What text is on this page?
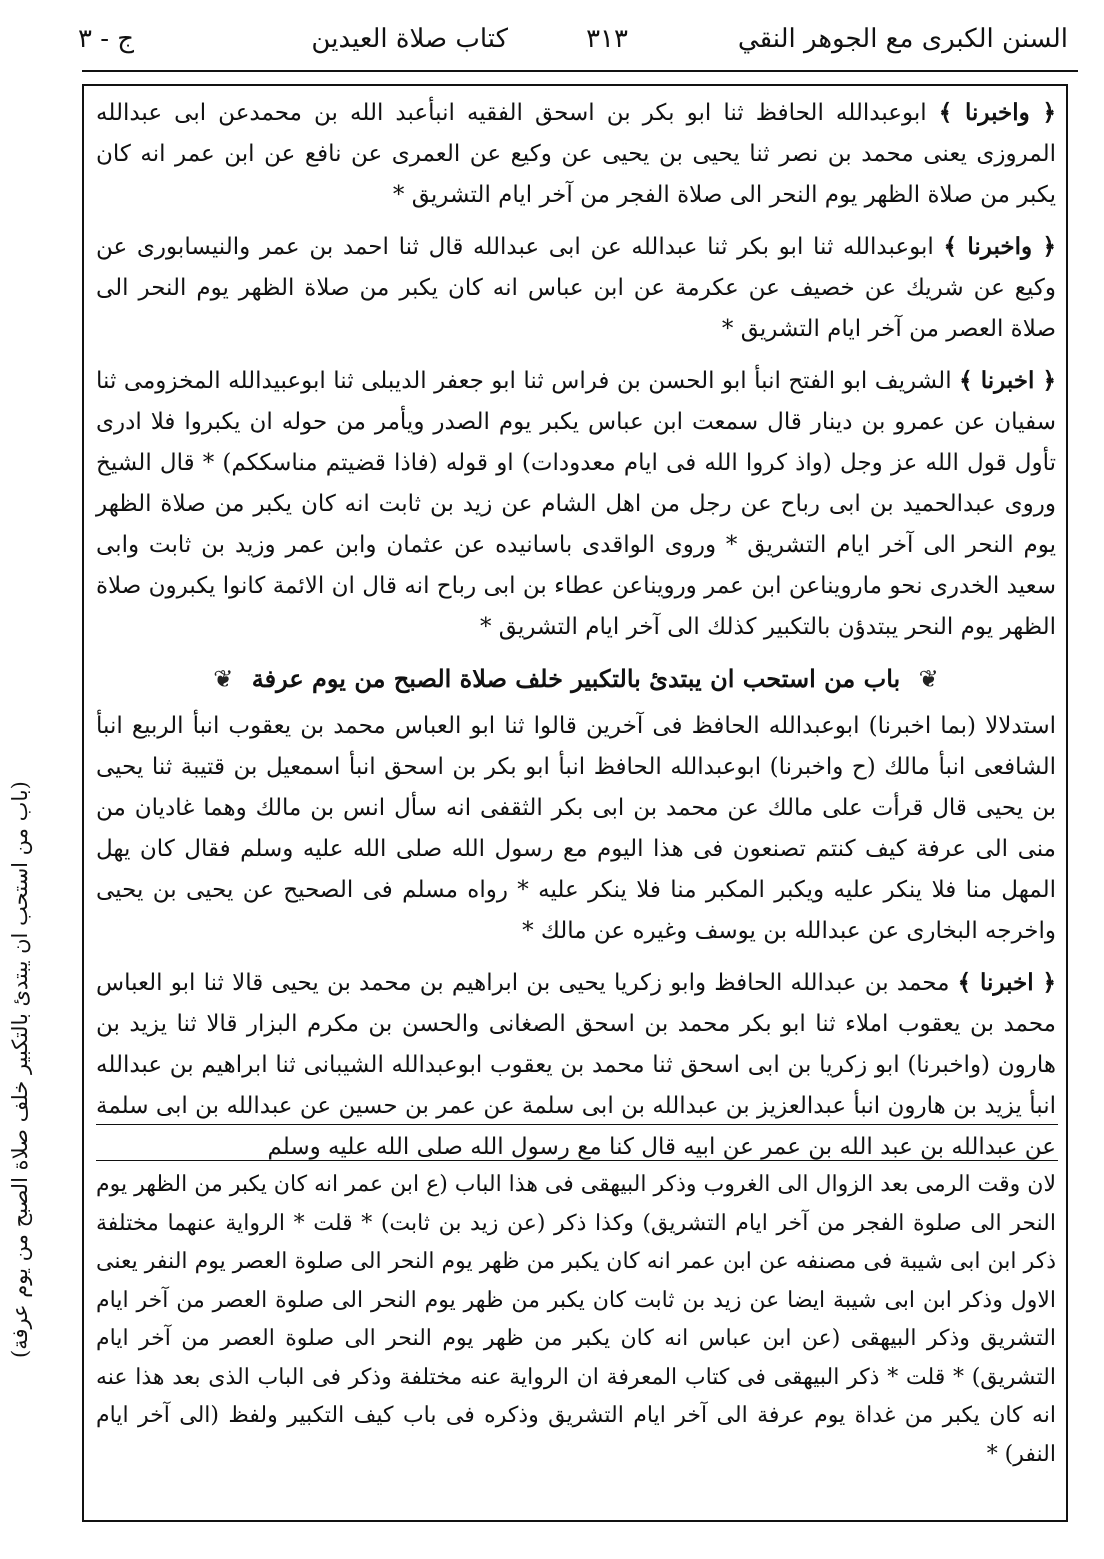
السنن الكبرى مع الجوهر النقي
٣١٣
كتاب صلاة العيدين
ج - ٣

﴿ واخبرنا ﴾ ابوعبدالله الحافظ ثنا ابو بكر بن اسحق الفقيه انبأعبد الله بن محمدعن ابى عبدالله المروزى يعنى محمد بن نصر ثنا يحيى بن يحيى عن وكيع عن العمرى عن نافع عن ابن عمر انه كان يكبر من صلاة الظهر يوم النحر الى صلاة الفجر من آخر ايام التشريق *

﴿ واخبرنا ﴾ ابوعبدالله ثنا ابو بكر ثنا عبدالله عن ابى عبدالله قال ثنا احمد بن عمر والنيسابورى عن وكيع عن شريك عن خصيف عن عكرمة عن ابن عباس انه كان يكبر من صلاة الظهر يوم النحر الى صلاة العصر من آخر ايام التشريق *

﴿ اخبرنا ﴾ الشريف ابو الفتح انبأ ابو الحسن بن فراس ثنا ابو جعفر الديبلى ثنا ابوعبيدالله المخزومى ثنا سفيان عن عمرو بن دينار قال سمعت ابن عباس يكبر يوم الصدر ويأمر من حوله ان يكبروا فلا ادرى تأول قول الله عز وجل (واذ كروا الله فى ايام معدودات) او قوله (فاذا قضيتم مناسككم) * قال الشيخ وروى عبدالحميد بن ابى رباح عن رجل من اهل الشام عن زيد بن ثابت انه كان يكبر من صلاة الظهر يوم النحر الى آخر ايام التشريق * وروى الواقدى باسانيده عن عثمان وابن عمر وزيد بن ثابت وابى سعيد الخدرى نحو مارويناعن ابن عمر ورويناعن عطاء بن ابى رباح انه قال ان الائمة كانوا يكبرون صلاة الظهر يوم النحر يبتدؤن بالتكبير كذلك الى آخر ايام التشريق *

❦ باب من استحب ان يبتدئ بالتكبير خلف صلاة الصبح من يوم عرفة ❦

استدلالا (بما اخبرنا) ابوعبدالله الحافظ فى آخرين قالوا ثنا ابو العباس محمد بن يعقوب انبأ الربيع انبأ الشافعى انبأ مالك (ح واخبرنا) ابوعبدالله الحافظ انبأ ابو بكر بن اسحق انبأ اسمعيل بن قتيبة ثنا يحيى بن يحيى قال قرأت على مالك عن محمد بن ابى بكر الثقفى انه سأل انس بن مالك وهما غاديان من منى الى عرفة كيف كنتم تصنعون فى هذا اليوم مع رسول الله صلى الله عليه وسلم فقال كان يهل المهل منا فلا ينكر عليه ويكبر المكبر منا فلا ينكر عليه * رواه مسلم فى الصحيح عن يحيى بن يحيى واخرجه البخارى عن عبدالله بن يوسف وغيره عن مالك *

﴿ اخبرنا ﴾ محمد بن عبدالله الحافظ وابو زكريا يحيى بن ابراهيم بن محمد بن يحيى قالا ثنا ابو العباس محمد بن يعقوب املاء ثنا ابو بكر محمد بن اسحق الصغانى والحسن بن مكرم البزار قالا ثنا يزيد بن هارون (واخبرنا) ابو زكريا بن ابى اسحق ثنا محمد بن يعقوب ابوعبدالله الشيبانى ثنا ابراهيم بن عبدالله انبأ يزيد بن هارون انبأ عبدالعزيز بن عبدالله بن ابى سلمة عن عمر بن حسين عن عبدالله بن ابى سلمة عن عبدالله بن عبد الله بن عمر عن ابيه قال كنا مع رسول الله صلى الله عليه وسلم

لان وقت الرمى بعد الزوال الى الغروب وذكر البيهقى فى هذا الباب (ع ابن عمر انه كان يكبر من الظهر يوم النحر الى صلوة الفجر من آخر ايام التشريق) وكذا ذكر (عن زيد بن ثابت) * قلت * الرواية عنهما مختلفة ذكر ابن ابى شيبة فى مصنفه عن ابن عمر انه كان يكبر من ظهر يوم النحر الى صلوة العصر يوم النفر يعنى الاول وذكر ابن ابى شيبة ايضا عن زيد بن ثابت كان يكبر من ظهر يوم النحر الى صلوة العصر من آخر ايام التشريق وذكر البيهقى (عن ابن عباس انه كان يكبر من ظهر يوم النحر الى صلوة العصر من آخر ايام التشريق) * قلت * ذكر البيهقى فى كتاب المعرفة ان الرواية عنه مختلفة وذكر فى الباب الذى بعد هذا عنه انه كان يكبر من غداة يوم عرفة الى آخر ايام التشريق وذكره فى باب كيف التكبير ولفظ (الى آخر ايام النفر) *
(باب من استحب ان يبتدئ بالتكبير خلف صلاة الصبح من يوم عرفة)
